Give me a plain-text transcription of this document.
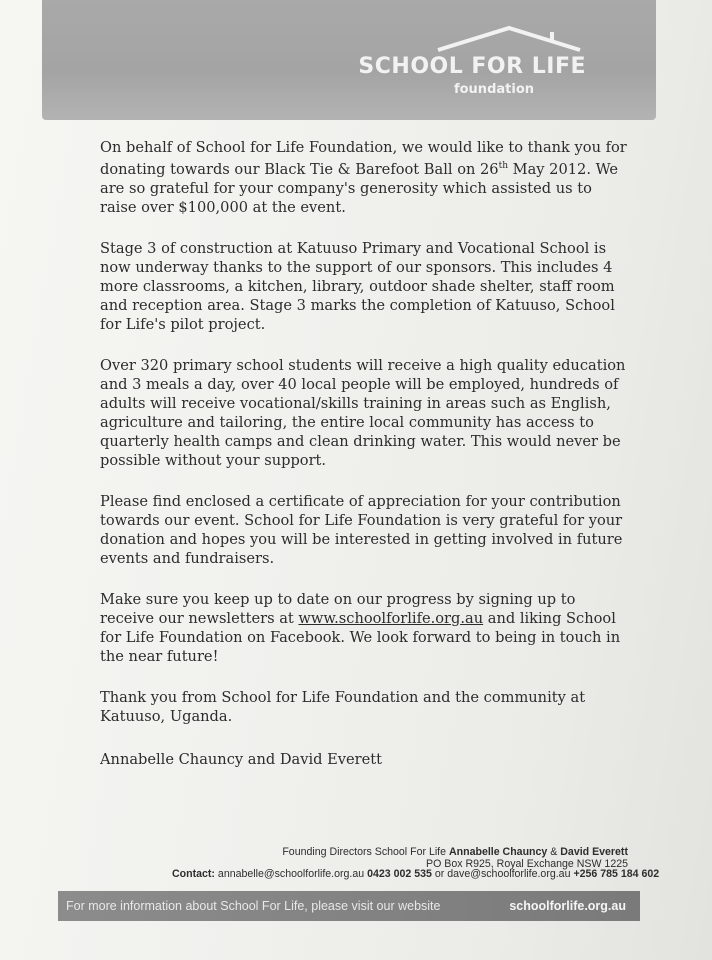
SCHOOL FOR LIFE
foundation

On behalf of School for Life Foundation, we would like to thank you for donating towards our Black Tie & Barefoot Ball on 26th May 2012. We are so grateful for your company's generosity which assisted us to raise over $100,000 at the event.

Stage 3 of construction at Katuuso Primary and Vocational School is now underway thanks to the support of our sponsors. This includes 4 more classrooms, a kitchen, library, outdoor shade shelter, staff room and reception area. Stage 3 marks the completion of Katuuso, School for Life's pilot project.

Over 320 primary school students will receive a high quality education and 3 meals a day, over 40 local people will be employed, hundreds of adults will receive vocational/skills training in areas such as English, agriculture and tailoring, the entire local community has access to quarterly health camps and clean drinking water. This would never be possible without your support.

Please find enclosed a certificate of appreciation for your contribution towards our event. School for Life Foundation is very grateful for your donation and hopes you will be interested in getting involved in future events and fundraisers.

Make sure you keep up to date on our progress by signing up to receive our newsletters at www.schoolforlife.org.au and liking School for Life Foundation on Facebook. We look forward to being in touch in the near future!

Thank you from School for Life Foundation and the community at Katuuso, Uganda.

Annabelle Chauncy and David Everett

Founding Directors School For Life Annabelle Chauncy & David Everett
PO Box R925, Royal Exchange NSW 1225
Contact: annabelle@schoolforlife.org.au 0423 002 535 or dave@schoolforlife.org.au +256 785 184 602
For more information about School For Life, please visit our website	schoolforlife.org.au
